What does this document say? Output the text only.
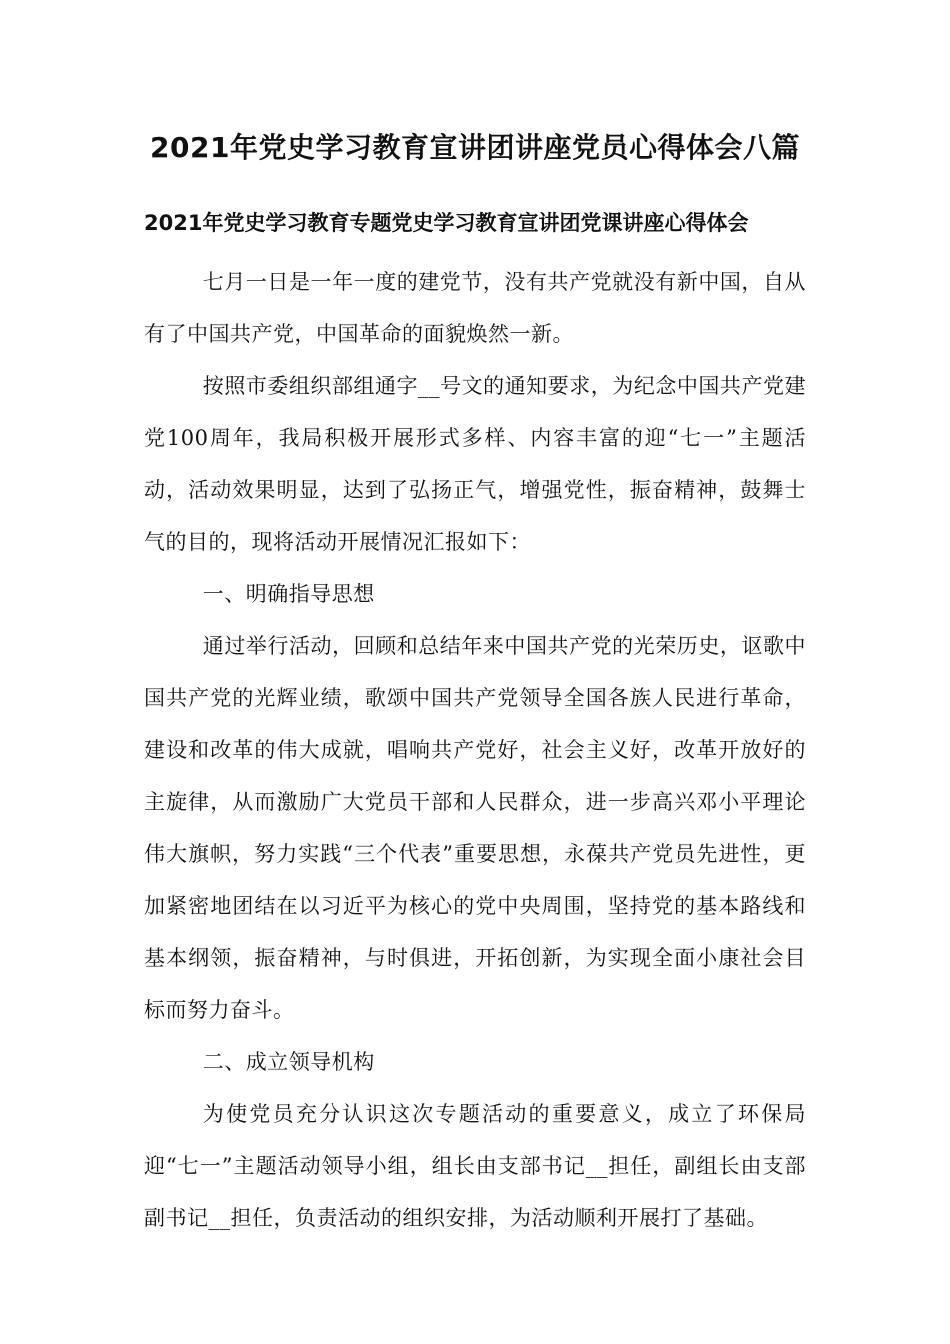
2021年党史学习教育宣讲团讲座党员心得体会八篇
2021年党史学习教育专题党史学习教育宣讲团党课讲座心得体会

七月一日是一年一度的建党节，没有共产党就没有新中国，自从有了中国共产党，中国革命的面貌焕然一新。

按照市委组织部组通字__号文的通知要求，为纪念中国共产党建党100周年，我局积极开展形式多样、内容丰富的迎“七一”主题活动，活动效果明显，达到了弘扬正气，增强党性，振奋精神，鼓舞士气的目的，现将活动开展情况汇报如下：

一、明确指导思想

通过举行活动，回顾和总结年来中国共产党的光荣历史，讴歌中国共产党的光辉业绩，歌颂中国共产党领导全国各族人民进行革命，建设和改革的伟大成就，唱响共产党好，社会主义好，改革开放好的主旋律，从而激励广大党员干部和人民群众，进一步高兴邓小平理论伟大旗帜，努力实践“三个代表”重要思想，永葆共产党员先进性，更加紧密地团结在以习近平为核心的党中央周围，坚持党的基本路线和基本纲领，振奋精神，与时俱进，开拓创新，为实现全面小康社会目标而努力奋斗。

二、成立领导机构

为使党员充分认识这次专题活动的重要意义，成立了环保局迎“七一”主题活动领导小组，组长由支部书记__担任，副组长由支部副书记__担任，负责活动的组织安排，为活动顺利开展打了基础。
